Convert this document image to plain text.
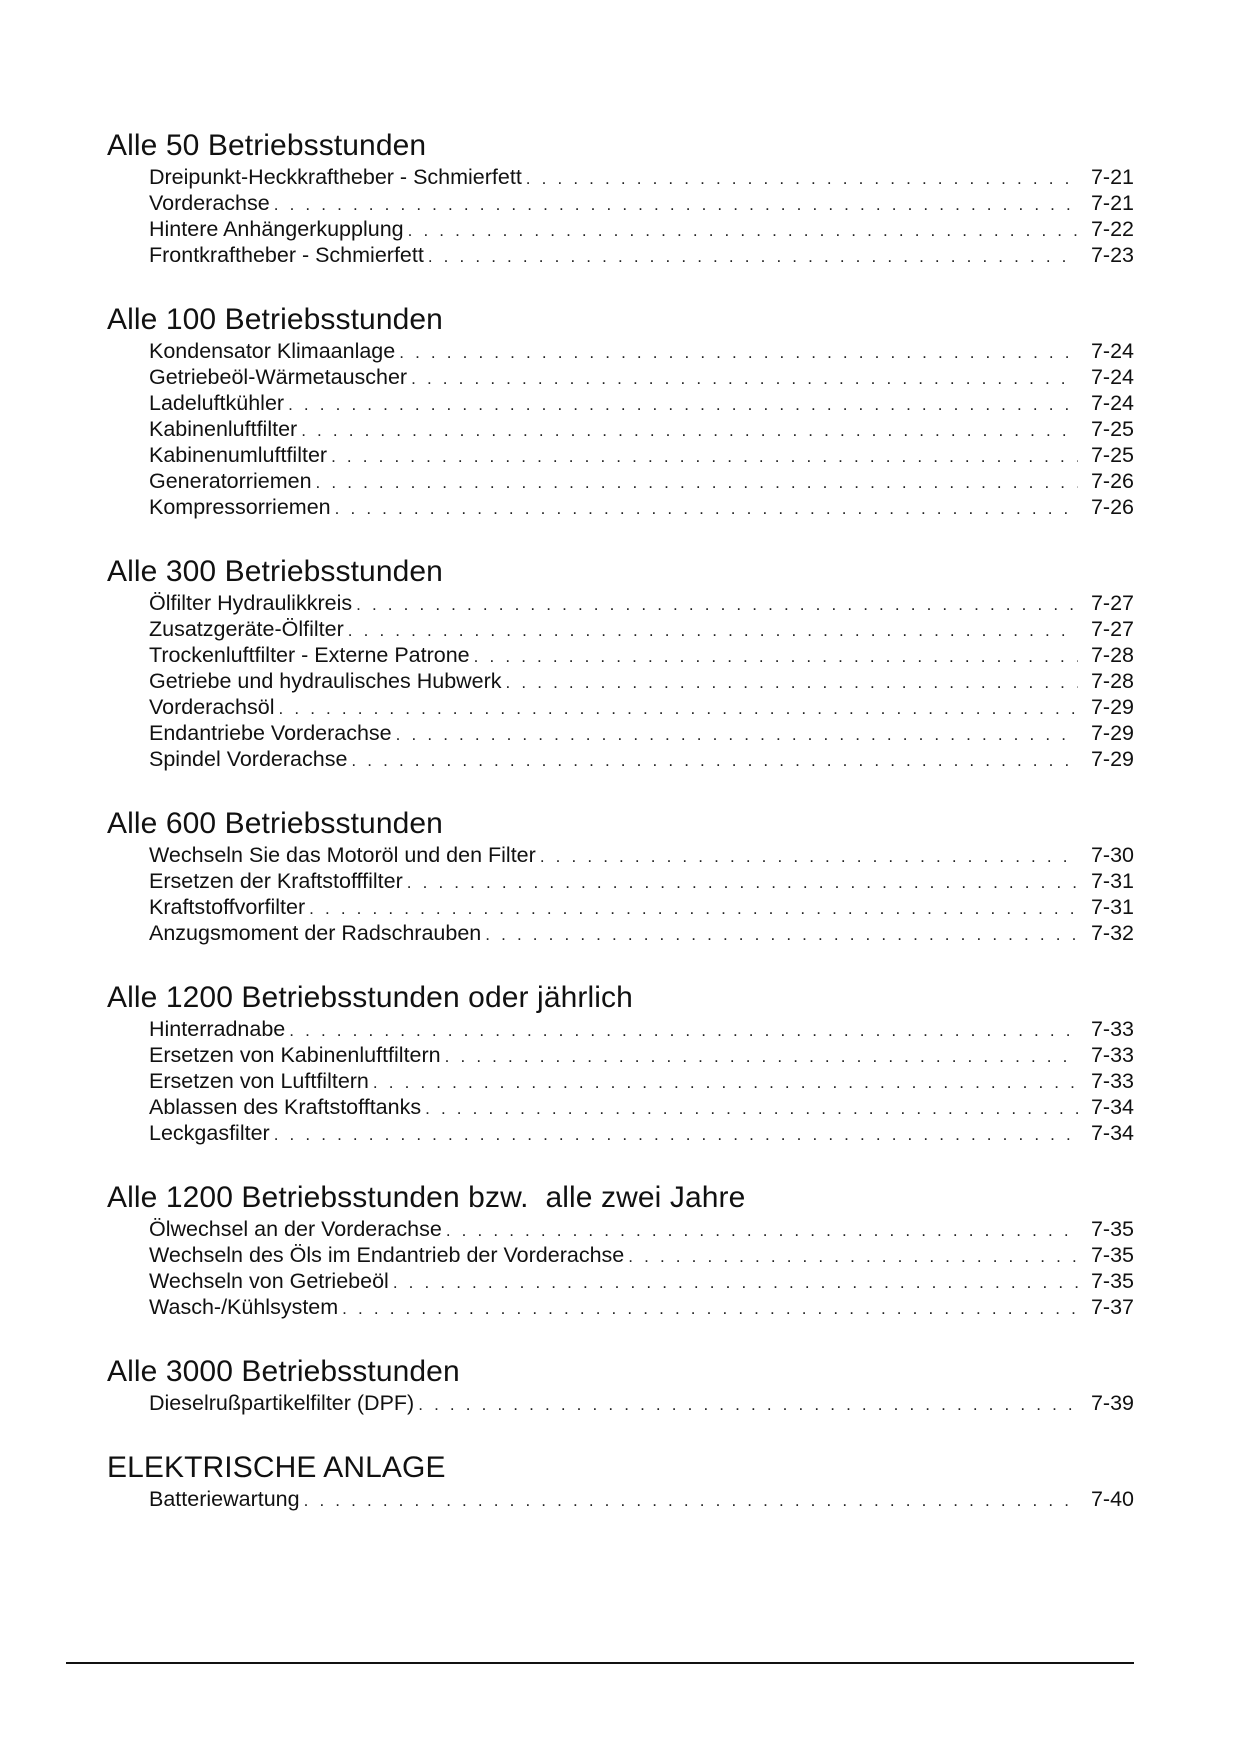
Alle 50 Betriebsstunden
Dreipunkt-Heckkraftheber - Schmierfett . . .	7-21
Vorderachse . . .	7-21
Hintere Anhängerkupplung . . .	7-22
Frontkraftheber - Schmierfett . . .	7-23
Alle 100 Betriebsstunden
Kondensator Klimaanlage . . .	7-24
Getriebeöl-Wärmetauscher . . .	7-24
Ladeluftkühler . . .	7-24
Kabinenluftfilter . . .	7-25
Kabinenumluftfilter . . .	7-25
Generatorriemen . . .	7-26
Kompressorriemen . . .	7-26
Alle 300 Betriebsstunden
Ölfilter Hydraulikkreis . . .	7-27
Zusatzgeräte-Ölfilter . . .	7-27
Trockenluftfilter - Externe Patrone . . .	7-28
Getriebe und hydraulisches Hubwerk . . .	7-28
Vorderachsöl . . .	7-29
Endantriebe Vorderachse . . .	7-29
Spindel Vorderachse . . .	7-29
Alle 600 Betriebsstunden
Wechseln Sie das Motoröl und den Filter . . .	7-30
Ersetzen der Kraftstofffilter . . .	7-31
Kraftstoffvorfilter . . .	7-31
Anzugsmoment der Radschrauben . . .	7-32
Alle 1200 Betriebsstunden oder jährlich
Hinterradnabe . . .	7-33
Ersetzen von Kabinenluftfiltern . . .	7-33
Ersetzen von Luftfiltern . . .	7-33
Ablassen des Kraftstofftanks . . .	7-34
Leckgasfilter . . .	7-34
Alle 1200 Betriebsstunden bzw.  alle zwei Jahre
Ölwechsel an der Vorderachse . . .	7-35
Wechseln des Öls im Endantrieb der Vorderachse . . .	7-35
Wechseln von Getriebeöl . . .	7-35
Wasch-/Kühlsystem . . .	7-37
Alle 3000 Betriebsstunden
Dieselrußpartikelfilter (DPF) . . .	7-39
ELEKTRISCHE ANLAGE
Batteriewartung . . .	7-40
